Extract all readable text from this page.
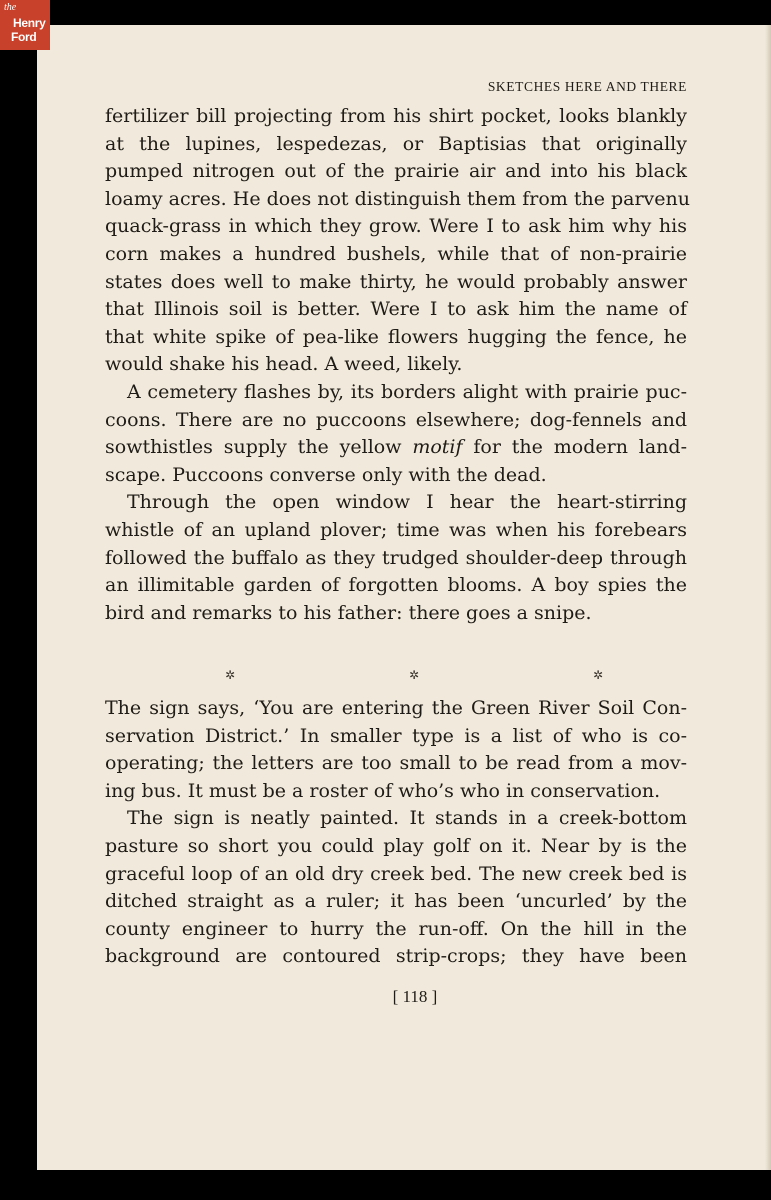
the
Henry
Ford
SKETCHES HERE AND THERE
fertilizer bill projecting from his shirt pocket, looks blankly
at the lupines, lespedezas, or Baptisias that originally
pumped nitrogen out of the prairie air and into his black
loamy acres. He does not distinguish them from the parvenu
quack-grass in which they grow. Were I to ask him why his
corn makes a hundred bushels, while that of non-prairie
states does well to make thirty, he would probably answer
that Illinois soil is better. Were I to ask him the name of
that white spike of pea-like flowers hugging the fence, he
would shake his head. A weed, likely.
A cemetery flashes by, its borders alight with prairie puc-
coons. There are no puccoons elsewhere; dog-fennels and
sowthistles supply the yellow motif for the modern land-
scape. Puccoons converse only with the dead.
Through the open window I hear the heart-stirring
whistle of an upland plover; time was when his forebears
followed the buffalo as they trudged shoulder-deep through
an illimitable garden of forgotten blooms. A boy spies the
bird and remarks to his father: there goes a snipe.
✲	✲	✲
The sign says, ‘You are entering the Green River Soil Con-
servation District.’ In smaller type is a list of who is co-
operating; the letters are too small to be read from a mov-
ing bus. It must be a roster of who’s who in conservation.
The sign is neatly painted. It stands in a creek-bottom
pasture so short you could play golf on it. Near by is the
graceful loop of an old dry creek bed. The new creek bed is
ditched straight as a ruler; it has been ‘uncurled’ by the
county engineer to hurry the run-off. On the hill in the
background are contoured strip-crops; they have been
[ 118 ]
